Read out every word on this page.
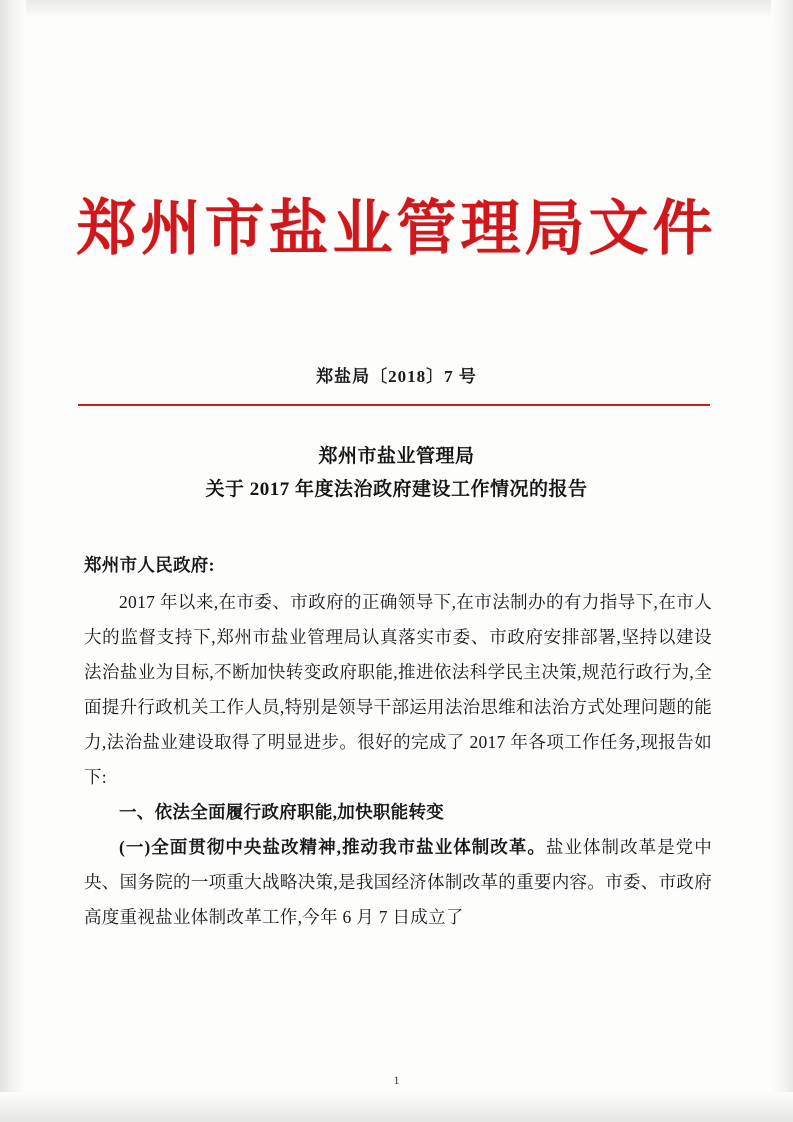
郑州市盐业管理局文件
郑盐局〔2018〕7 号
郑州市盐业管理局
关于 2017 年度法治政府建设工作情况的报告

郑州市人民政府:

2017 年以来,在市委、市政府的正确领导下,在市法制办的有力指导下,在市人大的监督支持下,郑州市盐业管理局认真落实市委、市政府安排部署,坚持以建设法治盐业为目标,不断加快转变政府职能,推进依法科学民主决策,规范行政行为,全面提升行政机关工作人员,特别是领导干部运用法治思维和法治方式处理问题的能力,法治盐业建设取得了明显进步。很好的完成了 2017 年各项工作任务,现报告如下:

一、依法全面履行政府职能,加快职能转变

(一)全面贯彻中央盐改精神,推动我市盐业体制改革。盐业体制改革是党中央、国务院的一项重大战略决策,是我国经济体制改革的重要内容。市委、市政府高度重视盐业体制改革工作,今年 6 月 7 日成立了

1
